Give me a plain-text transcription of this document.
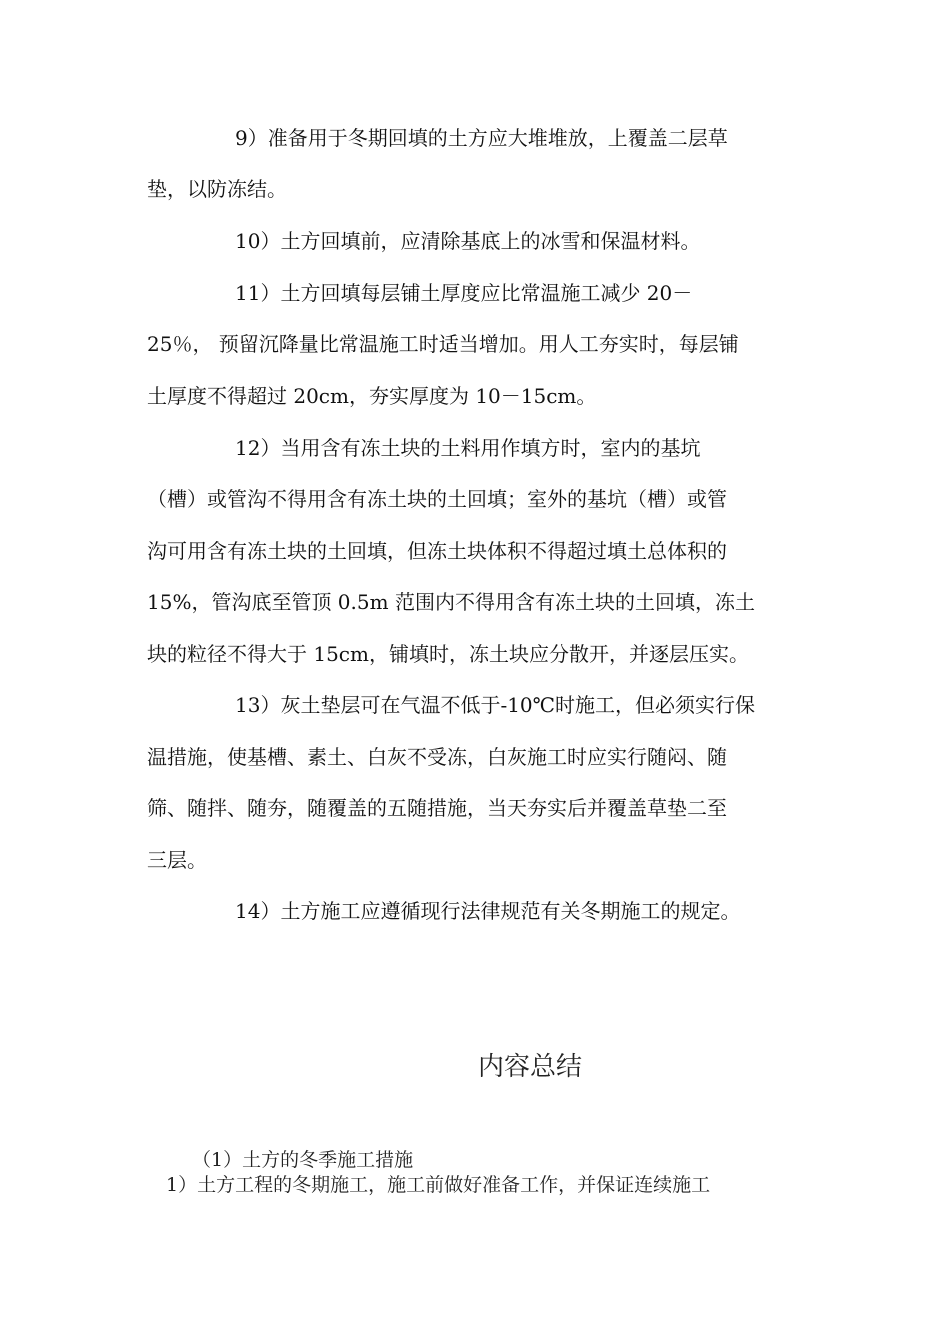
9）准备用于冬期回填的土方应大堆堆放，上覆盖二层草
垫，以防冻结。
10）土方回填前，应清除基底上的冰雪和保温材料。
11）土方回填每层铺土厚度应比常温施工减少 20－
25％， 预留沉降量比常温施工时适当增加。用人工夯实时，每层铺
土厚度不得超过 20cm，夯实厚度为 10－15cm。
12）当用含有冻土块的土料用作填方时，室内的基坑
（槽）或管沟不得用含有冻土块的土回填；室外的基坑（槽）或管
沟可用含有冻土块的土回填，但冻土块体积不得超过填土总体积的
15%，管沟底至管顶 0.5m 范围内不得用含有冻土块的土回填，冻土
块的粒径不得大于 15cm，铺填时，冻土块应分散开，并逐层压实。
13）灰土垫层可在气温不低于-10℃时施工，但必须实行保
温措施，使基槽、素土、白灰不受冻，白灰施工时应实行随闷、随
筛、随拌、随夯，随覆盖的五随措施，当天夯实后并覆盖草垫二至
三层。
14）土方施工应遵循现行法律规范有关冬期施工的规定。
内容总结
（1）土方的冬季施工措施
1）土方工程的冬期施工，施工前做好准备工作，并保证连续施工
